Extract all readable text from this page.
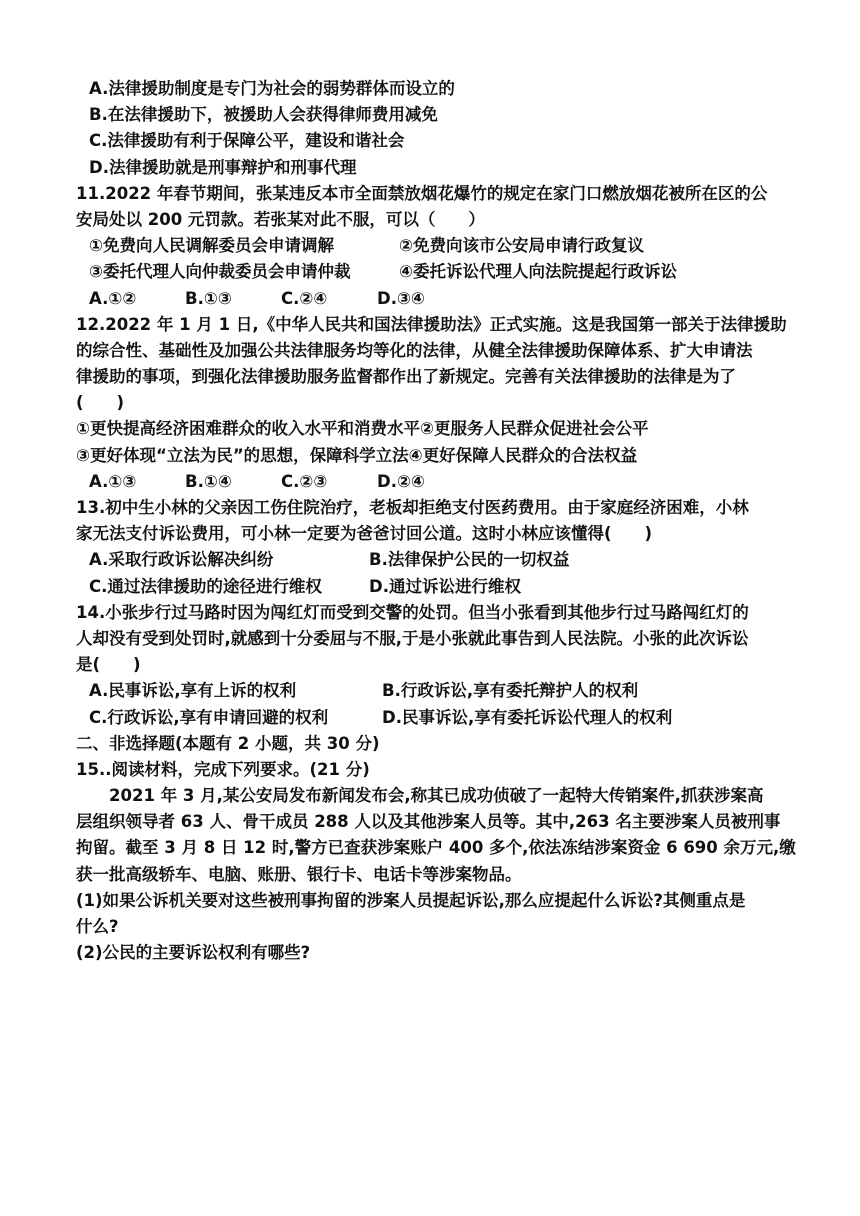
A.法律援助制度是专门为社会的弱势群体而设立的
B.在法律援助下，被援助人会获得律师费用减免
C.法律援助有利于保障公平，建设和谐社会
D.法律援助就是刑事辩护和刑事代理
11.2022 年春节期间，张某违反本市全面禁放烟花爆竹的规定在家门口燃放烟花被所在区的公
安局处以 200 元罚款。若张某对此不服，可以（　　）
①免费向人民调解委员会申请调解	②免费向该市公安局申请行政复议
③委托代理人向仲裁委员会申请仲裁	④委托诉讼代理人向法院提起行政诉讼
A.①②	B.①③	C.②④	D.③④
12.2022 年 1 月 1 日,《中华人民共和国法律援助法》正式实施。这是我国第一部关于法律援助
的综合性、基础性及加强公共法律服务均等化的法律，从健全法律援助保障体系、扩大申请法
律援助的事项，到强化法律援助服务监督都作出了新规定。完善有关法律援助的法律是为了
(　　)
①更快提高经济困难群众的收入水平和消费水平②更服务人民群众促进社会公平
③更好体现“立法为民”的思想，保障科学立法④更好保障人民群众的合法权益
A.①③	B.①④	C.②③	D.②④
13.初中生小林的父亲因工伤住院治疗，老板却拒绝支付医药费用。由于家庭经济困难，小林
家无法支付诉讼费用，可小林一定要为爸爸讨回公道。这时小林应该懂得(　　)
A.采取行政诉讼解决纠纷	B.法律保护公民的一切权益
C.通过法律援助的途径进行维权	D.通过诉讼进行维权
14.小张步行过马路时因为闯红灯而受到交警的处罚。但当小张看到其他步行过马路闯红灯的
人却没有受到处罚时,就感到十分委屈与不服,于是小张就此事告到人民法院。小张的此次诉讼
是(　　)
A.民事诉讼,享有上诉的权利	B.行政诉讼,享有委托辩护人的权利
C.行政诉讼,享有申请回避的权利	D.民事诉讼,享有委托诉讼代理人的权利
二、非选择题(本题有 2 小题，共 30 分)
15..阅读材料，完成下列要求。(21 分)
2021 年 3 月,某公安局发布新闻发布会,称其已成功侦破了一起特大传销案件,抓获涉案高
层组织领导者 63 人、骨干成员 288 人以及其他涉案人员等。其中,263 名主要涉案人员被刑事
拘留。截至 3 月 8 日 12 时,警方已查获涉案账户 400 多个,依法冻结涉案资金 6 690 余万元,缴
获一批高级轿车、电脑、账册、银行卡、电话卡等涉案物品。
(1)如果公诉机关要对这些被刑事拘留的涉案人员提起诉讼,那么应提起什么诉讼?其侧重点是
什么?
(2)公民的主要诉讼权利有哪些?
